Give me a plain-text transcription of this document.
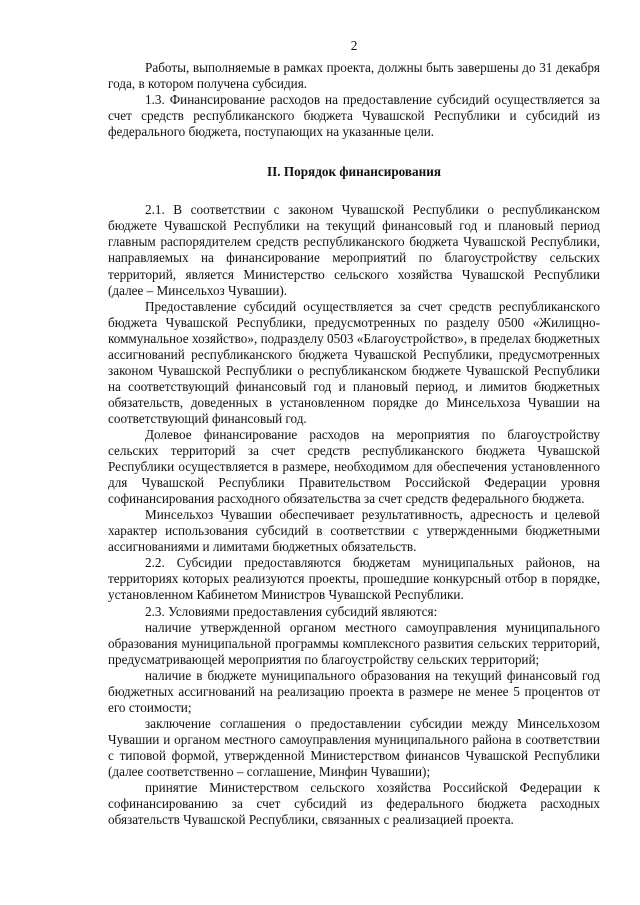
2

Работы, выполняемые в рамках проекта, должны быть завершены до 31 декабря года, в котором получена субсидия.

1.3. Финансирование расходов на предоставление субсидий осуществляется за счет средств республиканского бюджета Чувашской Республики и субсидий из федерального бюджета, поступающих на указанные цели.

II. Порядок финансирования

2.1. В соответствии с законом Чувашской Республики о республиканском бюджете Чувашской Республики на текущий финансовый год и плановый период главным распорядителем средств республиканского бюджета Чувашской Республики, направляемых на финансирование мероприятий по благоустройству сельских территорий, является Министерство сельского хозяйства Чувашской Республики (далее – Минсельхоз Чувашии).

Предоставление субсидий осуществляется за счет средств республиканского бюджета Чувашской Республики, предусмотренных по разделу 0500 «Жилищно-коммунальное хозяйство», подразделу 0503 «Благоустройство», в пределах бюджетных ассигнований республиканского бюджета Чувашской Республики, предусмотренных законом Чувашской Республики о республиканском бюджете Чувашской Республики на соответствующий финансовый год и плановый период, и лимитов бюджетных обязательств, доведенных в установленном порядке до Минсельхоза Чувашии на соответствующий финансовый год.

Долевое финансирование расходов на мероприятия по благоустройству сельских территорий за счет средств республиканского бюджета Чувашской Республики осуществляется в размере, необходимом для обеспечения установленного для Чувашской Республики Правительством Российской Федерации уровня софинансирования расходного обязательства за счет средств федерального бюджета.

Минсельхоз Чувашии обеспечивает результативность, адресность и целевой характер использования субсидий в соответствии с утвержденными бюджетными ассигнованиями и лимитами бюджетных обязательств.

2.2. Субсидии предоставляются бюджетам муниципальных районов, на территориях которых реализуются проекты, прошедшие конкурсный отбор в порядке, установленном Кабинетом Министров Чувашской Республики.

2.3. Условиями предоставления субсидий являются:

наличие утвержденной органом местного самоуправления муниципального образования муниципальной программы комплексного развития сельских территорий, предусматривающей мероприятия по благоустройству сельских территорий;

наличие в бюджете муниципального образования на текущий финансовый год бюджетных ассигнований на реализацию проекта в размере не менее 5 процентов от его стоимости;

заключение соглашения о предоставлении субсидии между Минсельхозом Чувашии и органом местного самоуправления муниципального района в соответствии с типовой формой, утвержденной Министерством финансов Чувашской Республики (далее соответственно – соглашение, Минфин Чувашии);

принятие Министерством сельского хозяйства Российской Федерации к софинансированию за счет субсидий из федерального бюджета расходных обязательств Чувашской Республики, связанных с реализацией проекта.
